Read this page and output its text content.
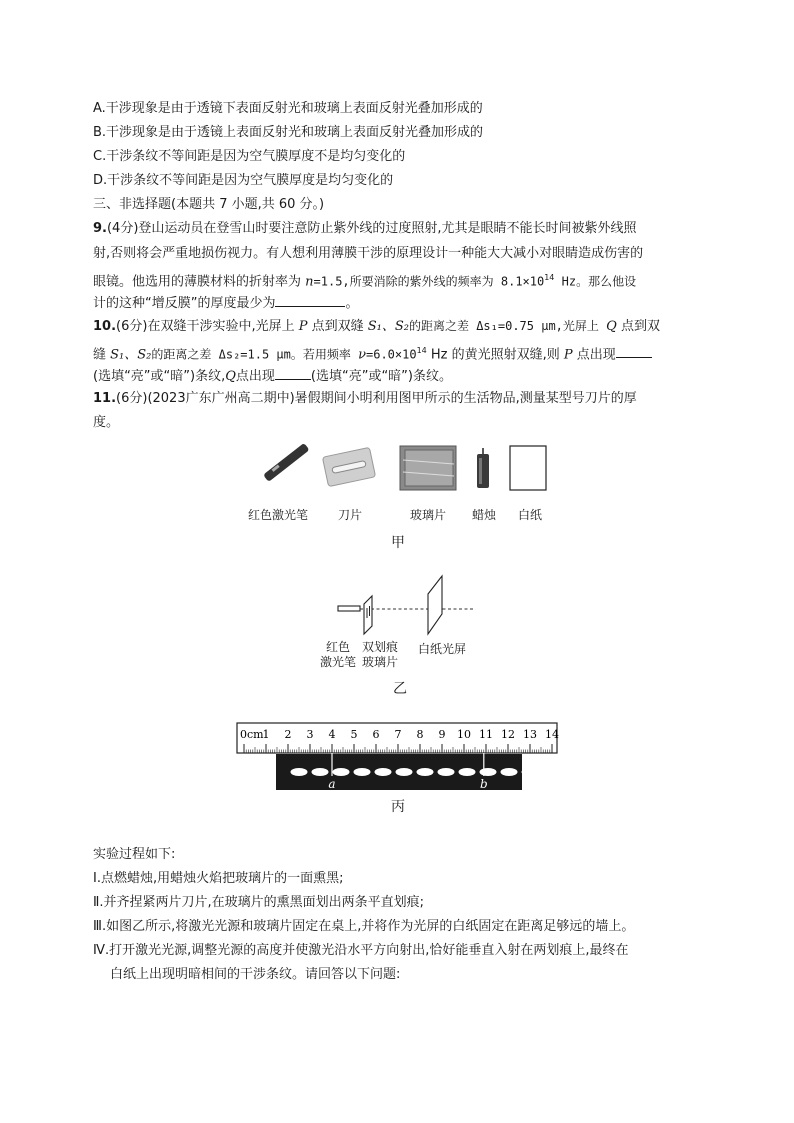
A.干涉现象是由于透镜下表面反射光和玻璃上表面反射光叠加形成的
B.干涉现象是由于透镜上表面反射光和玻璃上表面反射光叠加形成的
C.干涉条纹不等间距是因为空气膜厚度不是均匀变化的
D.干涉条纹不等间距是因为空气膜厚度是均匀变化的
三、非选择题(本题共 7 小题,共 60 分。)
9.(4分)登山运动员在登雪山时要注意防止紫外线的过度照射,尤其是眼睛不能长时间被紫外线照
射,否则将会严重地损伤视力。有人想利用薄膜干涉的原理设计一种能大大减小对眼睛造成伤害的
眼镜。他选用的薄膜材料的折射率为 n=1.5,所要消除的紫外线的频率为 $8.1\times 10^{14}$ Hz。那么他设
计的这种“增反膜”的厚度最少为	。
10.(6分)在双缝干涉实验中,光屏上 P 点到双缝 S₁、S₂的距离之差 Δs₁=0.75 μm,光屏上 Q 点到双
缝 S₁、S₂的距离之差 Δs₂=1.5 μm。若用频率 $\nu=6.0\times 10^{14}$ Hz 的黄光照射双缝,则 P 点出现
(选填“亮”或“暗”)条纹,Q点出现	(选填“亮”或“暗”)条纹。
11.(6分)(2023广东广州高二期中)暑假期间小明利用图甲所示的生活物品,测量某型号刀片的厚
度。
红色激光笔	刀片	玻璃片	蜡烛	白纸
甲
红色
激光笔
双划痕
玻璃片
白纸光屏
乙
0cm
1 2 3 4 5 6 7 8 9 10 11 12 13 14
a	b
丙
实验过程如下:
Ⅰ.点燃蜡烛,用蜡烛火焰把玻璃片的一面熏黑;
Ⅱ.并齐捏紧两片刀片,在玻璃片的熏黑面划出两条平直划痕;
Ⅲ.如图乙所示,将激光光源和玻璃片固定在桌上,并将作为光屏的白纸固定在距离足够远的墙上。
Ⅳ.打开激光光源,调整光源的高度并使激光沿水平方向射出,恰好能垂直入射在两划痕上,最终在
白纸上出现明暗相间的干涉条纹。请回答以下问题:
